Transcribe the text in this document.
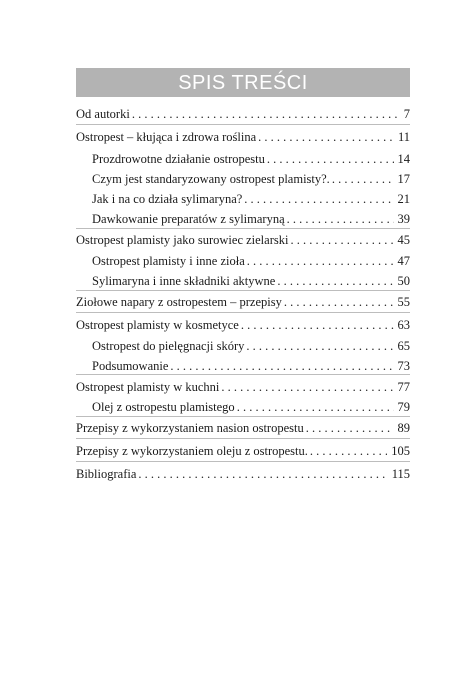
SPIS TREŚCI
Od autorki . . .	7
Ostropest – kłująca i zdrowa roślina . . .	11
Prozdrowotne działanie ostropestu . . .	14
Czym jest standaryzowany ostropest plamisty?. . . .	17
Jak i na co działa sylimaryna? . . .	21
Dawkowanie preparatów z sylimaryną . . .	39
Ostropest plamisty jako surowiec zielarski . . .	45
Ostropest plamisty i inne zioła . . .	47
Sylimaryna i inne składniki aktywne . . .	50
Ziołowe napary z ostropestem – przepisy . . .	55
Ostropest plamisty w kosmetyce . . .	63
Ostropest do pielęgnacji skóry . . .	65
Podsumowanie . . .	73
Ostropest plamisty w kuchni . . .	77
Olej z ostropestu plamistego . . .	79
Przepisy z wykorzystaniem nasion ostropestu . . .	89
Przepisy z wykorzystaniem oleju z ostropestu. . . .	105
Bibliografia . . .	115
